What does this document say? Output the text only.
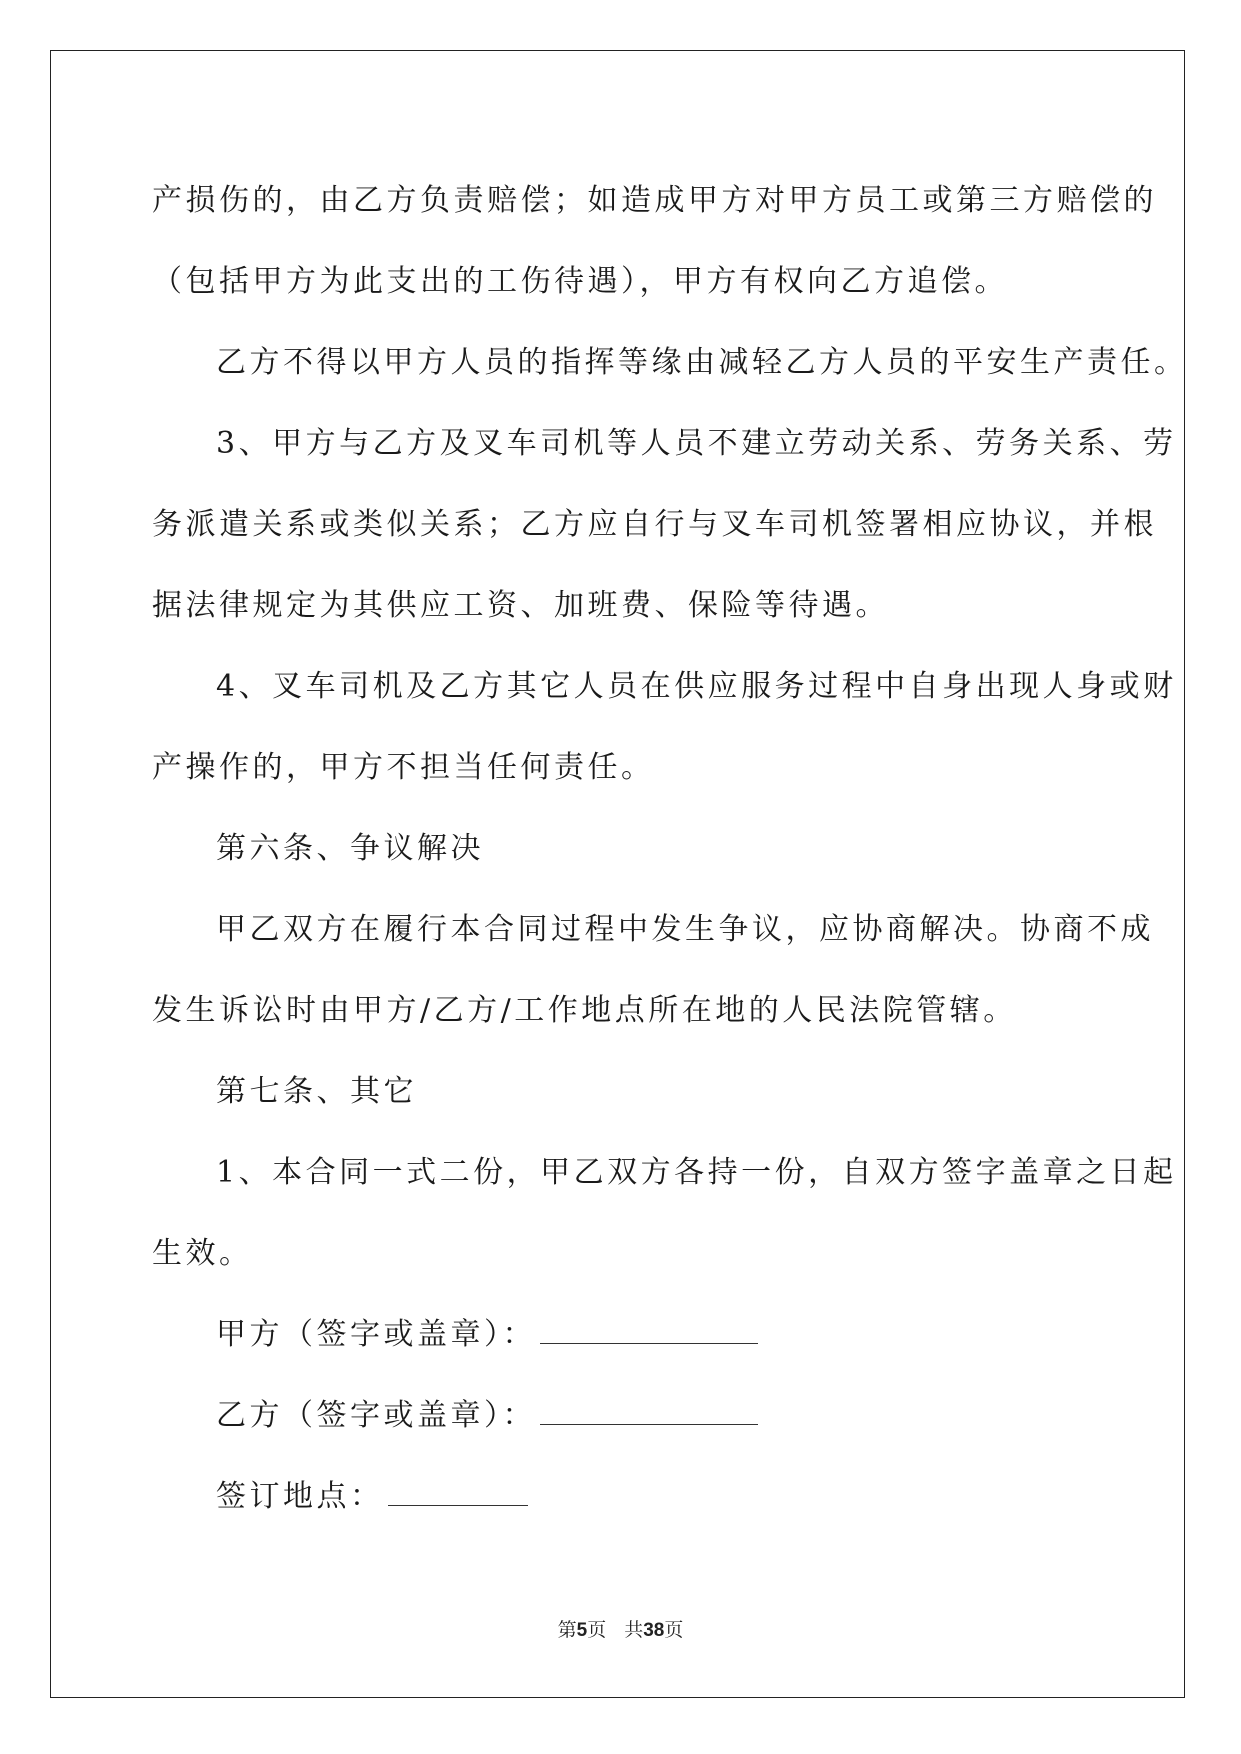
产损伤的，由乙方负责赔偿；如造成甲方对甲方员工或第三方赔偿的

（包括甲方为此支出的工伤待遇），甲方有权向乙方追偿。

乙方不得以甲方人员的指挥等缘由减轻乙方人员的平安生产责任。

3、甲方与乙方及叉车司机等人员不建立劳动关系、劳务关系、劳

务派遣关系或类似关系；乙方应自行与叉车司机签署相应协议，并根

据法律规定为其供应工资、加班费、保险等待遇。

4、叉车司机及乙方其它人员在供应服务过程中自身出现人身或财

产操作的，甲方不担当任何责任。

第六条、争议解决

甲乙双方在履行本合同过程中发生争议，应协商解决。协商不成

发生诉讼时由甲方/乙方/工作地点所在地的人民法院管辖。

第七条、其它

1、本合同一式二份，甲乙双方各持一份，自双方签字盖章之日起

生效。

甲方（签字或盖章）：

乙方（签字或盖章）：

签订地点：

第5页 共38页
